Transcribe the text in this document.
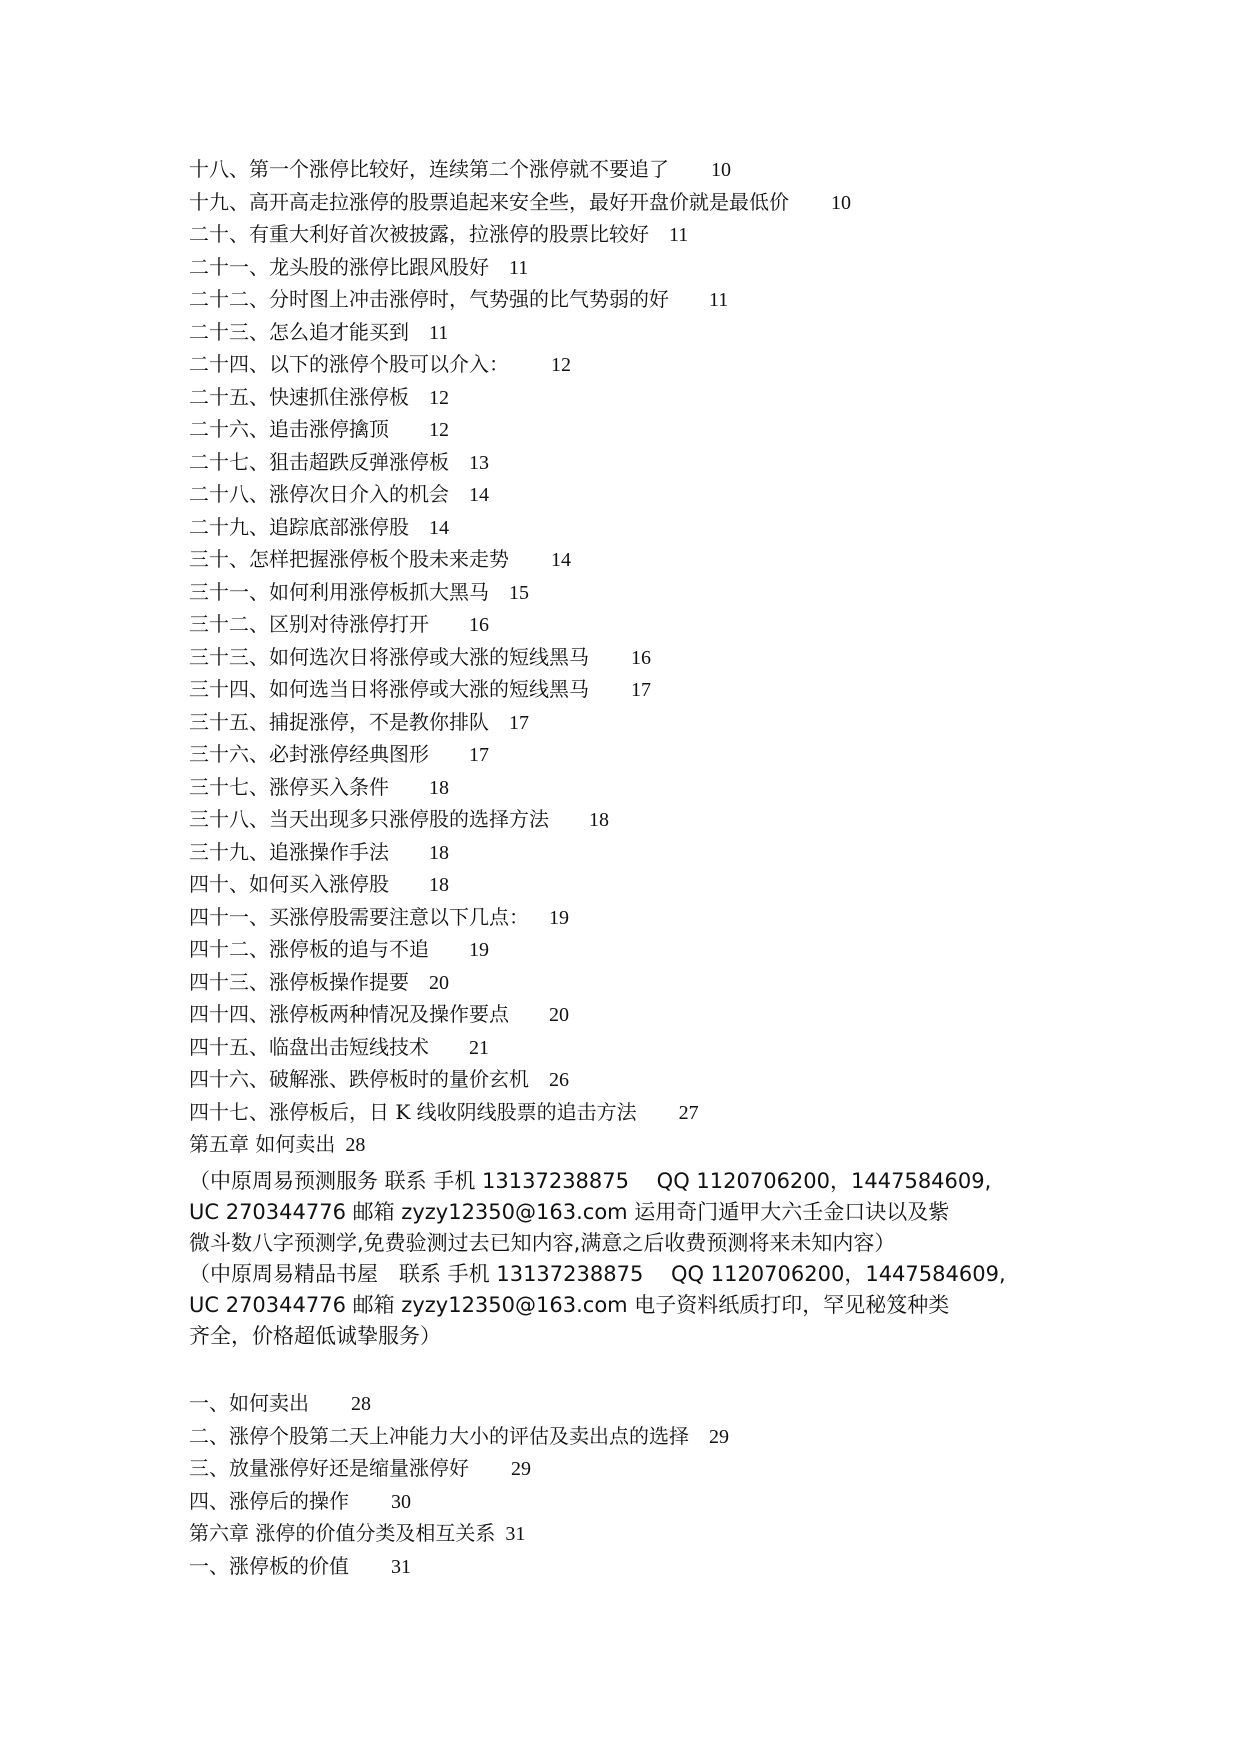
十八、第一个涨停比较好，连续第二个涨停就不要追了 10
十九、高开高走拉涨停的股票追起来安全些，最好开盘价就是最低价 10
二十、有重大利好首次被披露，拉涨停的股票比较好 11
二十一、龙头股的涨停比跟风股好 11
二十二、分时图上冲击涨停时，气势强的比气势弱的好 11
二十三、怎么追才能买到 11
二十四、以下的涨停个股可以介入： 12
二十五、快速抓住涨停板 12
二十六、追击涨停擒顶 12
二十七、狙击超跌反弹涨停板 13
二十八、涨停次日介入的机会 14
二十九、追踪底部涨停股 14
三十、怎样把握涨停板个股未来走势 14
三十一、如何利用涨停板抓大黑马 15
三十二、区别对待涨停打开 16
三十三、如何选次日将涨停或大涨的短线黑马 16
三十四、如何选当日将涨停或大涨的短线黑马 17
三十五、捕捉涨停，不是教你排队 17
三十六、必封涨停经典图形 17
三十七、涨停买入条件 18
三十八、当天出现多只涨停股的选择方法 18
三十九、追涨操作手法 18
四十、如何买入涨停股 18
四十一、买涨停股需要注意以下几点： 19
四十二、涨停板的追与不追 19
四十三、涨停板操作提要 20
四十四、涨停板两种情况及操作要点 20
四十五、临盘出击短线技术 21
四十六、破解涨、跌停板时的量价玄机 26
四十七、涨停板后，日 K 线收阴线股票的追击方法 27
第五章 如何卖出 28
（中原周易预测服务 联系 手机 13137238875　 QQ 1120706200，1447584609,
UC 270344776 邮箱 zyzy12350@163.com 运用奇门遁甲大六壬金口诀以及紫
微斗数八字预测学,免费验测过去已知内容,满意之后收费预测将来未知内容）
（中原周易精品书屋　联系 手机 13137238875　 QQ 1120706200，1447584609,
UC 270344776 邮箱 zyzy12350@163.com 电子资料纸质打印，罕见秘笈种类
齐全，价格超低诚挚服务）
一、如何卖出 28
二、涨停个股第二天上冲能力大小的评估及卖出点的选择 29
三、放量涨停好还是缩量涨停好 29
四、涨停后的操作 30
第六章 涨停的价值分类及相互关系 31
一、涨停板的价值 31
